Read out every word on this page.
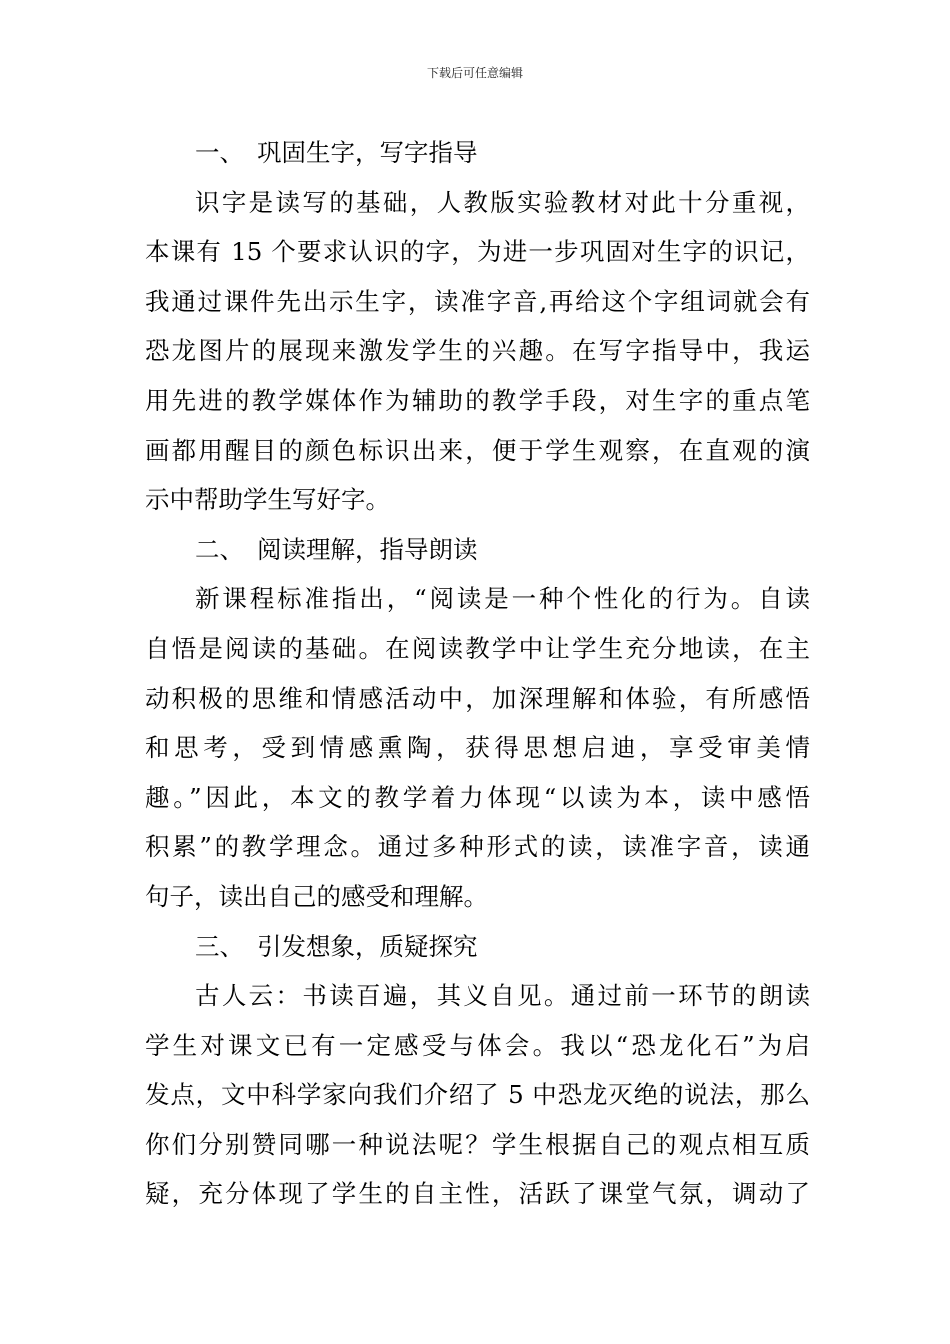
下载后可任意编辑
一、 巩固生字，写字指导
识字是读写的基础，人教版实验教材对此十分重视，
本课有 15 个要求认识的字，为进一步巩固对生字的识记，
我通过课件先出示生字，读准字音,再给这个字组词就会有
恐龙图片的展现来激发学生的兴趣。在写字指导中，我运
用先进的教学媒体作为辅助的教学手段，对生字的重点笔
画都用醒目的颜色标识出来，便于学生观察，在直观的演
示中帮助学生写好字。
二、 阅读理解，指导朗读
新课程标准指出，“阅读是一种个性化的行为。自读
自悟是阅读的基础。在阅读教学中让学生充分地读，在主
动积极的思维和情感活动中，加深理解和体验，有所感悟
和思考，受到情感熏陶，获得思想启迪，享受审美情
趣。”因此，本文的教学着力体现“以读为本，读中感悟
积累”的教学理念。通过多种形式的读，读准字音，读通
句子，读出自己的感受和理解。
三、 引发想象，质疑探究
古人云：书读百遍，其义自见。通过前一环节的朗读
学生对课文已有一定感受与体会。我以“恐龙化石”为启
发点，文中科学家向我们介绍了 5 中恐龙灭绝的说法，那么
你们分别赞同哪一种说法呢？学生根据自己的观点相互质
疑，充分体现了学生的自主性，活跃了课堂气氛，调动了
